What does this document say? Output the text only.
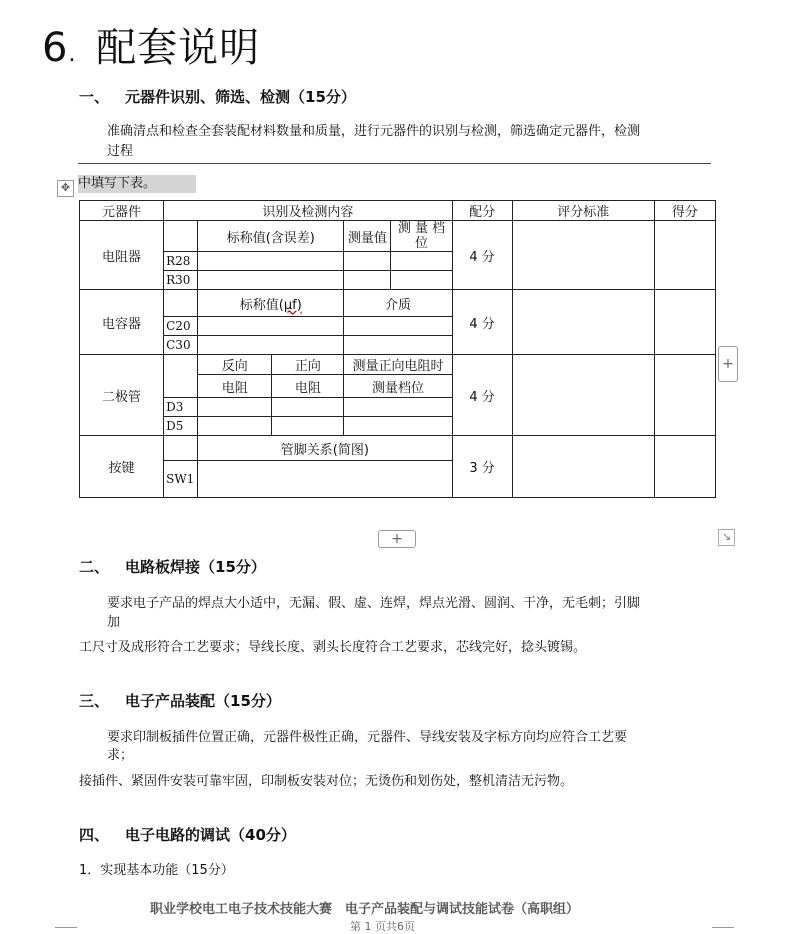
6. 配套说明
一、 元器件识别、筛选、检测（15分）
准确清点和检查全套装配材料数量和质量，进行元器件的识别与检测，筛选确定元器件，检测
过程
中填写下表。
✥
元器件	识别及检测内容					配分	评分标准	得分
电阻器		标称值(含误差)		测量值	测 量 档位	4 分		
	R28							
	R30							
电容器		标称值(μf)		介质		4 分		
	C20							
	C30							
二极管		反向	正向	测量正向电阻时		4 分		
		电阻	电阻	测量档位				
	D3							
	D5							
按键		管脚关系(简图)				3 分		
	SW1							
+
+	↘
二、 电路板焊接（15分）
要求电子产品的焊点大小适中，无漏、假、虚、连焊，焊点光滑、圆润、干净，无毛刺；引脚
加
工尺寸及成形符合工艺要求；导线长度、剥头长度符合工艺要求，芯线完好，捻头镀锡。
三、 电子产品装配（15分）
要求印制板插件位置正确，元器件极性正确，元器件、导线安装及字标方向均应符合工艺要
求；
接插件、紧固件安装可靠牢固，印制板安装对位；无烫伤和划伤处，整机清洁无污物。
四、 电子电路的调试（40分）
1．实现基本功能（15分）
职业学校电工电子技术技能大赛　电子产品装配与调试技能试卷（高职组）
第 1 页共6页
